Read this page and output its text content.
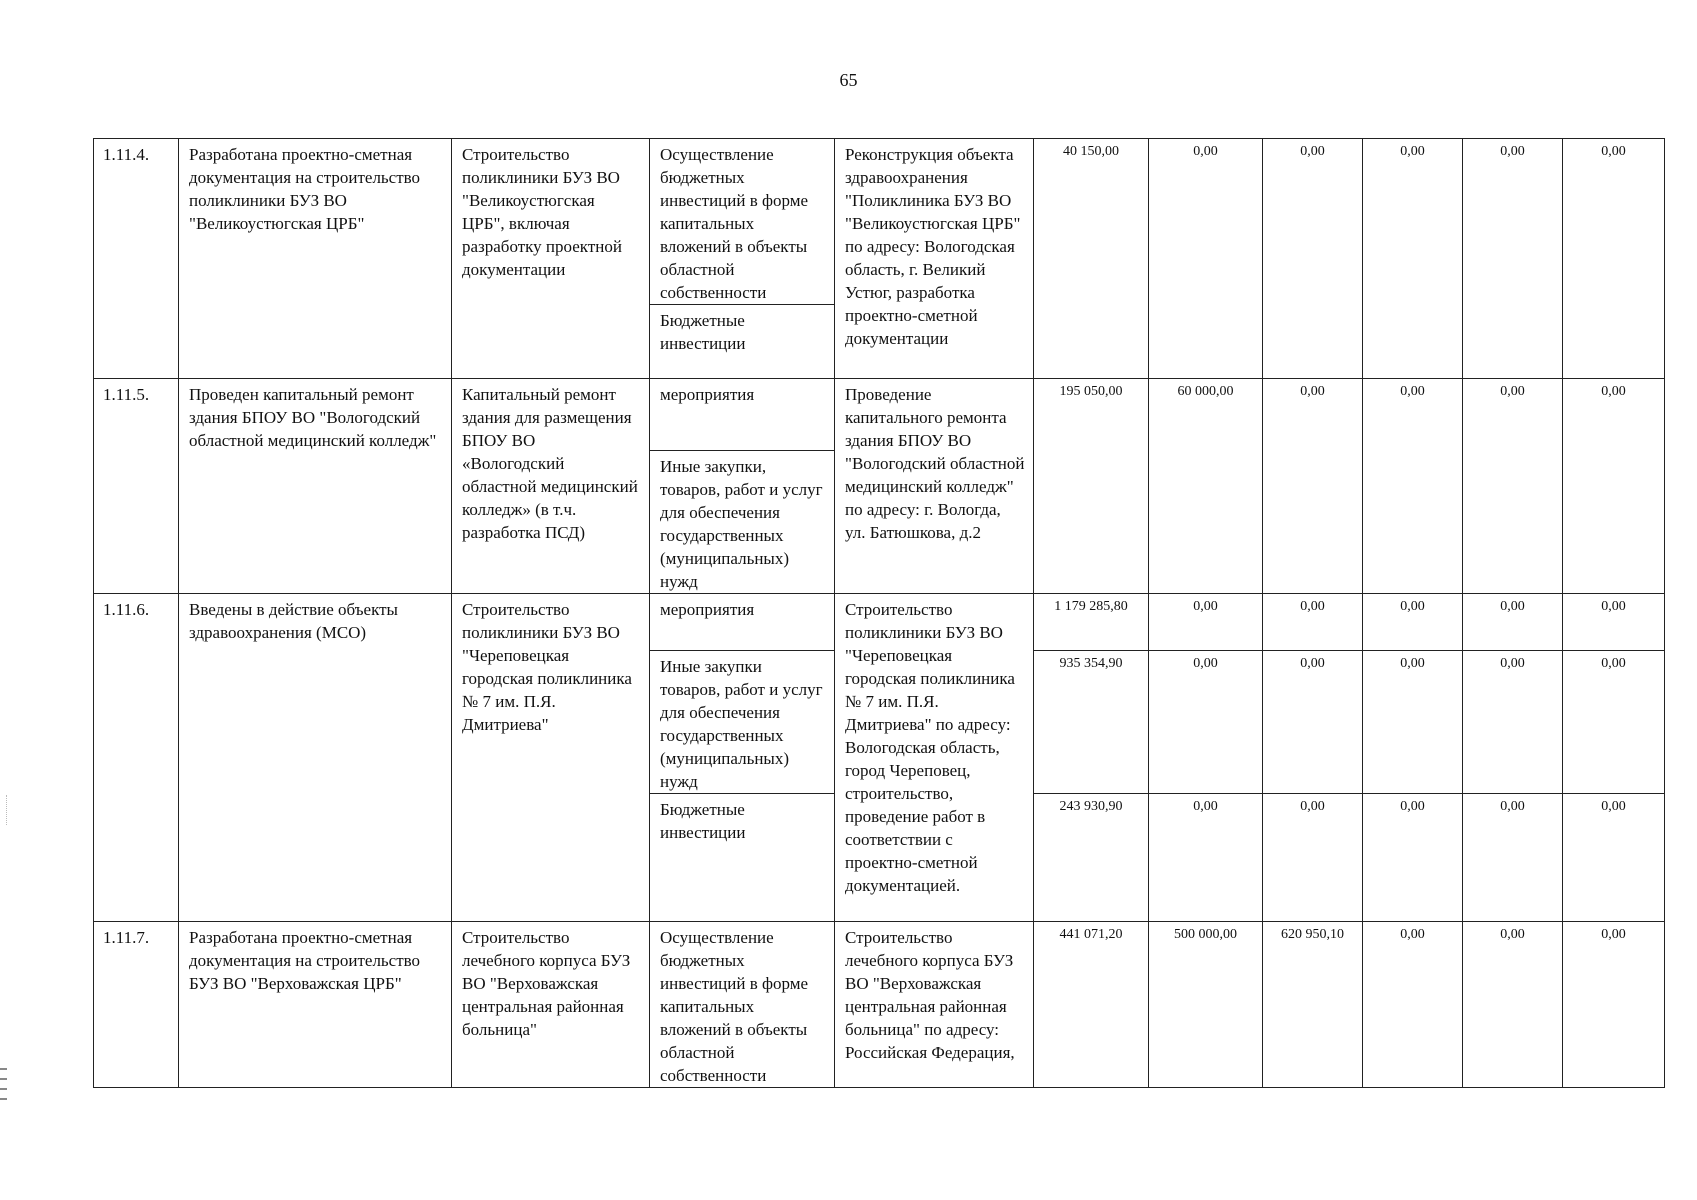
65
1.11.4.	Разработана проектно-сметная документация на строительство поликлиники БУЗ ВО "Великоустюгская ЦРБ"	Строительство поликлиники БУЗ ВО "Великоустюгская ЦРБ", включая разработку проектной документации	Осуществление бюджетных инвестиций в форме капитальных вложений в объекты областной собственности	Реконструкция объекта здравоохранения "Поликлиника БУЗ ВО "Великоустюгская ЦРБ" по адресу: Вологодская область, г. Великий Устюг, разработка проектно-сметной документации	40 150,00	0,00	0,00	0,00	0,00	0,00
			Бюджетные инвестиции							
1.11.5.	Проведен капитальный ремонт здания БПОУ ВО "Вологодский областной медицинский колледж"	Капитальный ремонт здания для размещения БПОУ ВО «Вологодский областной медицинский колледж» (в т.ч. разработка ПСД)	мероприятия	Проведение капитального ремонта здания БПОУ ВО "Вологодский областной медицинский колледж" по адресу: г. Вологда, ул. Батюшкова, д.2	195 050,00	60 000,00	0,00	0,00	0,00	0,00
			Иные закупки, товаров, работ и услуг для обеспечения государственных (муниципальных) нужд							
1.11.6.	Введены в действие объекты здравоохранения (МСО)	Строительство поликлиники БУЗ ВО "Череповецкая городская поликлиника № 7 им. П.Я. Дмитриева"	мероприятия	Строительство поликлиники БУЗ ВО "Череповецкая городская поликлиника № 7 им. П.Я. Дмитриева" по адресу: Вологодская область, город Череповец, строительство, проведение работ в соответствии с проектно-сметной документацией.	1 179 285,80	0,00	0,00	0,00	0,00	0,00
			Иные закупки товаров, работ и услуг для обеспечения государственных (муниципальных) нужд		935 354,90	0,00	0,00	0,00	0,00	0,00
			Бюджетные инвестиции		243 930,90	0,00	0,00	0,00	0,00	0,00
1.11.7.	Разработана проектно-сметная документация на строительство БУЗ ВО "Верховажская ЦРБ"	Строительство лечебного корпуса БУЗ ВО "Верховажская центральная районная больница"	Осуществление бюджетных инвестиций в форме капитальных вложений в объекты областной собственности	Строительство лечебного корпуса БУЗ ВО "Верховажская центральная районная больница" по адресу: Российская Федерация,	441 071,20	500 000,00	620 950,10	0,00	0,00	0,00
